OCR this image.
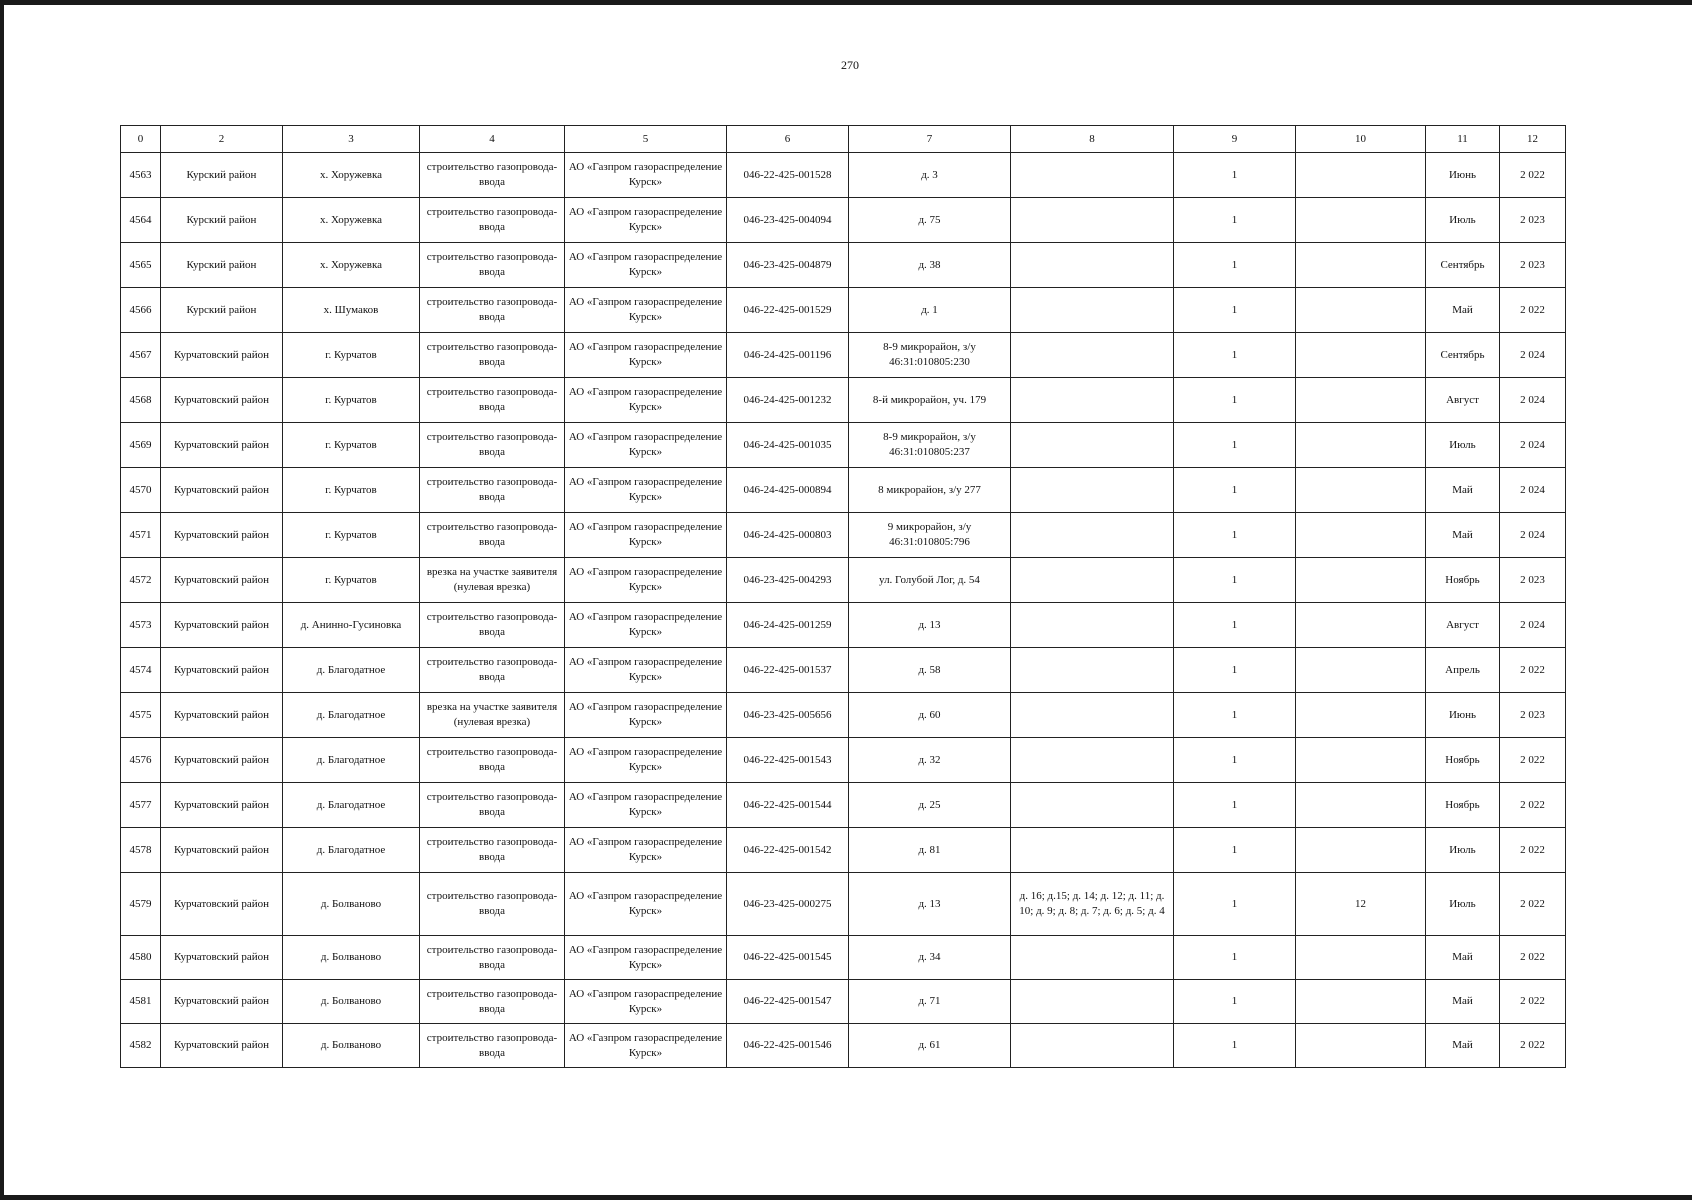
270
0	2	3	4	5	6	7	8	9	10	11	12
4563	Курский район	х. Хоружевка	строительство газопровода-ввода	АО «Газпром газораспределение Курск»	046-22-425-001528	д. 3		1		Июнь	2 022
4564	Курский район	х. Хоружевка	строительство газопровода-ввода	АО «Газпром газораспределение Курск»	046-23-425-004094	д. 75		1		Июль	2 023
4565	Курский район	х. Хоружевка	строительство газопровода-ввода	АО «Газпром газораспределение Курск»	046-23-425-004879	д. 38		1		Сентябрь	2 023
4566	Курский район	х. Шумаков	строительство газопровода-ввода	АО «Газпром газораспределение Курск»	046-22-425-001529	д. 1		1		Май	2 022
4567	Курчатовский район	г. Курчатов	строительство газопровода-ввода	АО «Газпром газораспределение Курск»	046-24-425-001196	8-9 микрорайон, з/у 46:31:010805:230		1		Сентябрь	2 024
4568	Курчатовский район	г. Курчатов	строительство газопровода-ввода	АО «Газпром газораспределение Курск»	046-24-425-001232	8-й микрорайон, уч. 179		1		Август	2 024
4569	Курчатовский район	г. Курчатов	строительство газопровода-ввода	АО «Газпром газораспределение Курск»	046-24-425-001035	8-9 микрорайон, з/у 46:31:010805:237		1		Июль	2 024
4570	Курчатовский район	г. Курчатов	строительство газопровода-ввода	АО «Газпром газораспределение Курск»	046-24-425-000894	8 микрорайон, з/у 277		1		Май	2 024
4571	Курчатовский район	г. Курчатов	строительство газопровода-ввода	АО «Газпром газораспределение Курск»	046-24-425-000803	9 микрорайон, з/у 46:31:010805:796		1		Май	2 024
4572	Курчатовский район	г. Курчатов	врезка на участке заявителя (нулевая врезка)	АО «Газпром газораспределение Курск»	046-23-425-004293	ул. Голубой Лог, д. 54		1		Ноябрь	2 023
4573	Курчатовский район	д. Анинно-Гусиновка	строительство газопровода-ввода	АО «Газпром газораспределение Курск»	046-24-425-001259	д. 13		1		Август	2 024
4574	Курчатовский район	д. Благодатное	строительство газопровода-ввода	АО «Газпром газораспределение Курск»	046-22-425-001537	д. 58		1		Апрель	2 022
4575	Курчатовский район	д. Благодатное	врезка на участке заявителя (нулевая врезка)	АО «Газпром газораспределение Курск»	046-23-425-005656	д. 60		1		Июнь	2 023
4576	Курчатовский район	д. Благодатное	строительство газопровода-ввода	АО «Газпром газораспределение Курск»	046-22-425-001543	д. 32		1		Ноябрь	2 022
4577	Курчатовский район	д. Благодатное	строительство газопровода-ввода	АО «Газпром газораспределение Курск»	046-22-425-001544	д. 25		1		Ноябрь	2 022
4578	Курчатовский район	д. Благодатное	строительство газопровода-ввода	АО «Газпром газораспределение Курск»	046-22-425-001542	д. 81		1		Июль	2 022
4579	Курчатовский район	д. Болваново	строительство газопровода-ввода	АО «Газпром газораспределение Курск»	046-23-425-000275	д. 13	д. 16; д.15; д. 14; д. 12; д. 11; д. 10; д. 9; д. 8; д. 7; д. 6; д. 5; д. 4	1	12	Июль	2 022
4580	Курчатовский район	д. Болваново	строительство газопровода-ввода	АО «Газпром газораспределение Курск»	046-22-425-001545	д. 34		1		Май	2 022
4581	Курчатовский район	д. Болваново	строительство газопровода-ввода	АО «Газпром газораспределение Курск»	046-22-425-001547	д. 71		1		Май	2 022
4582	Курчатовский район	д. Болваново	строительство газопровода-ввода	АО «Газпром газораспределение Курск»	046-22-425-001546	д. 61		1		Май	2 022
